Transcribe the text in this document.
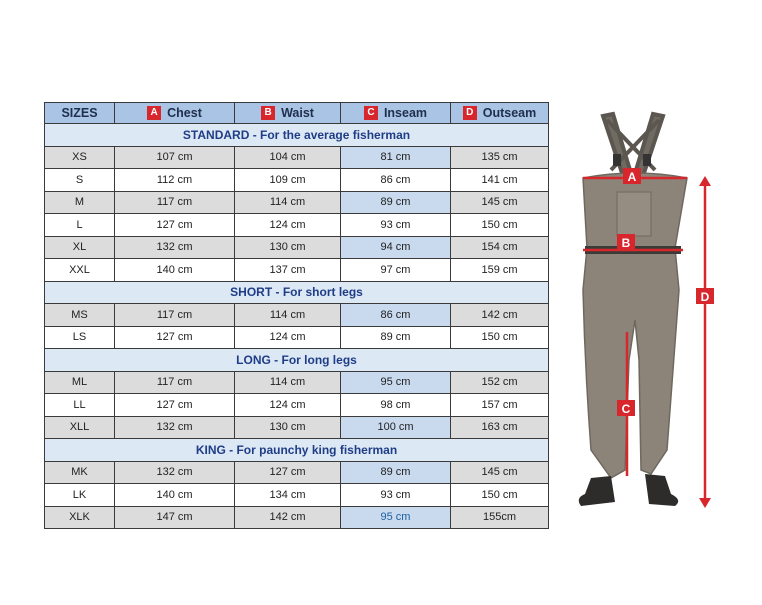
SIZES	A Chest	B Waist	C Inseam	D Outseam
STANDARD - For the average fisherman				
XS	107 cm	104 cm	81 cm	135 cm
S	112 cm	109 cm	86 cm	141 cm
M	117 cm	114 cm	89 cm	145 cm
L	127 cm	124 cm	93 cm	150 cm
XL	132 cm	130 cm	94 cm	154 cm
XXL	140 cm	137 cm	97 cm	159 cm
SHORT - For short legs				
MS	117 cm	114 cm	86 cm	142 cm
LS	127 cm	124 cm	89 cm	150 cm
LONG - For long legs				
ML	117 cm	114 cm	95 cm	152 cm
LL	127 cm	124 cm	98 cm	157 cm
XLL	132 cm	130 cm	100 cm	163 cm
KING - For paunchy king fisherman				
MK	132 cm	127 cm	89 cm	145 cm
LK	140 cm	134 cm	93 cm	150 cm
XLK	147 cm	142 cm	95 cm	155cm
A
B
C
D
